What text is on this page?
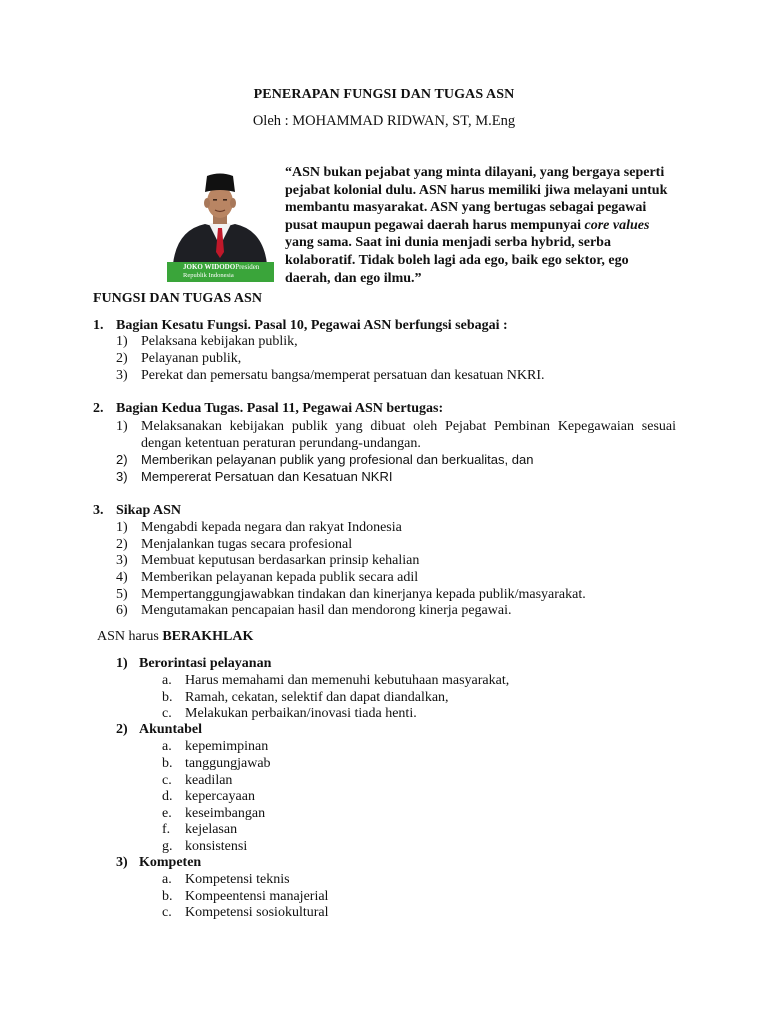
PENERAPAN FUNGSI DAN TUGAS ASN
Oleh : MOHAMMAD RIDWAN, ST, M.Eng
JOKO WIDODOPresiden
Republik Indonesia
“ASN bukan pejabat yang minta dilayani, yang bergaya seperti
pejabat kolonial dulu. ASN harus memiliki jiwa melayani untuk
membantu masyarakat. ASN yang bertugas sebagai pegawai
pusat maupun pegawai daerah harus mempunyai core values
yang sama. Saat ini dunia menjadi serba hybrid, serba
kolaboratif. Tidak boleh lagi ada ego, baik ego sektor, ego
daerah, dan ego ilmu.”
FUNGSI DAN TUGAS ASN
1. Bagian Kesatu Fungsi. Pasal 10, Pegawai ASN berfungsi sebagai :
1) Pelaksana kebijakan publik,
2) Pelayanan publik,
3) Perekat dan pemersatu bangsa/memperat persatuan dan kesatuan NKRI.
2. Bagian Kedua Tugas. Pasal 11, Pegawai ASN bertugas:
1) Melaksanakan kebijakan publik yang dibuat oleh Pejabat Pembinan Kepegawaian sesuai dengan ketentuan peraturan perundang-undangan.
2) Memberikan pelayanan publik yang profesional dan berkualitas, dan
3) Mempererat Persatuan dan Kesatuan NKRI
3. Sikap ASN
1) Mengabdi kepada negara dan rakyat Indonesia
2) Menjalankan tugas secara profesional
3) Membuat keputusan berdasarkan prinsip kehalian
4) Memberikan pelayanan kepada publik secara adil
5) Mempertanggungjawabkan tindakan dan kinerjanya kepada publik/masyarakat.
6) Mengutamakan pencapaian hasil dan mendorong kinerja pegawai.
ASN harus BERAKHLAK
1) Berorintasi pelayanan
a. Harus memahami dan memenuhi kebutuhaan masyarakat,
b. Ramah, cekatan, selektif dan dapat diandalkan,
c. Melakukan perbaikan/inovasi tiada henti.
2) Akuntabel
a. kepemimpinan
b. tanggungjawab
c. keadilan
d. kepercayaan
e. keseimbangan
f. kejelasan
g. konsistensi
3) Kompeten
a. Kompetensi teknis
b. Kompeentensi manajerial
c. Kompetensi sosiokultural
